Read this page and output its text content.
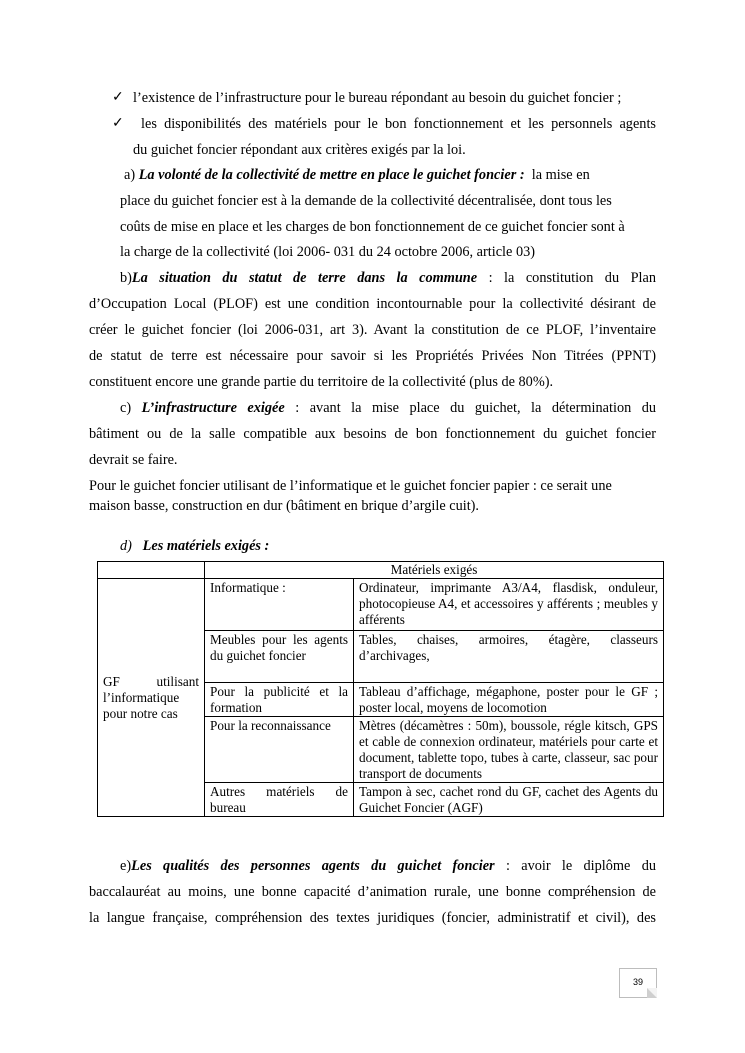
✓ l’existence de l’infrastructure pour le bureau répondant au besoin du guichet foncier ;
✓ les disponibilités des matériels pour le bon fonctionnement et les personnels agents
du guichet foncier répondant aux critères exigés par la loi.
a) La volonté de la collectivité de mettre en place le guichet foncier : la mise en
place du guichet foncier est à la demande de la collectivité décentralisée, dont tous les
coûts de mise en place et les charges de bon fonctionnement de ce guichet foncier sont à
la charge de la collectivité (loi 2006- 031 du 24 octobre 2006, article 03)
b)La situation du statut de terre dans la commune : la constitution du Plan
d’Occupation Local (PLOF) est une condition incontournable pour la collectivité désirant de
créer le guichet foncier (loi 2006-031, art 3). Avant la constitution de ce PLOF, l’inventaire
de statut de terre est nécessaire pour savoir si les Propriétés Privées Non Titrées (PPNT)
constituent encore une grande partie du territoire de la collectivité (plus de 80%).
c) L’infrastructure exigée : avant la mise place du guichet, la détermination du
bâtiment ou de la salle compatible aux besoins de bon fonctionnement du guichet foncier
devrait se faire.
Pour le guichet foncier utilisant de l’informatique et le guichet foncier papier : ce serait une
maison basse, construction en dur (bâtiment en brique d’argile cuit).
d) Les matériels exigés :
	Matériels exigés	
GF utilisant l’informatique pour notre cas	Informatique :	Ordinateur, imprimante A3/A4, flasdisk, onduleur, photocopieuse A4, et accessoires y afférents ; meubles y afférents
	Meubles pour les agents du guichet foncier	Tables, chaises, armoires, étagère, classeurs d’archivages,
	Pour la publicité et la formation	Tableau d’affichage, mégaphone, poster pour le GF ; poster local, moyens de locomotion
	Pour la reconnaissance	Mètres (décamètres : 50m), boussole, régle kitsch, GPS et cable de connexion ordinateur, matériels pour carte et document, tablette topo, tubes à carte, classeur, sac pour transport de documents
	Autres matériels de bureau	Tampon à sec, cachet rond du GF, cachet des Agents du Guichet Foncier (AGF)
e)Les qualités des personnes agents du guichet foncier : avoir le diplôme du
baccalauréat au moins, une bonne capacité d’animation rurale, une bonne compréhension de
la langue française, compréhension des textes juridiques (foncier, administratif et civil), des
39
